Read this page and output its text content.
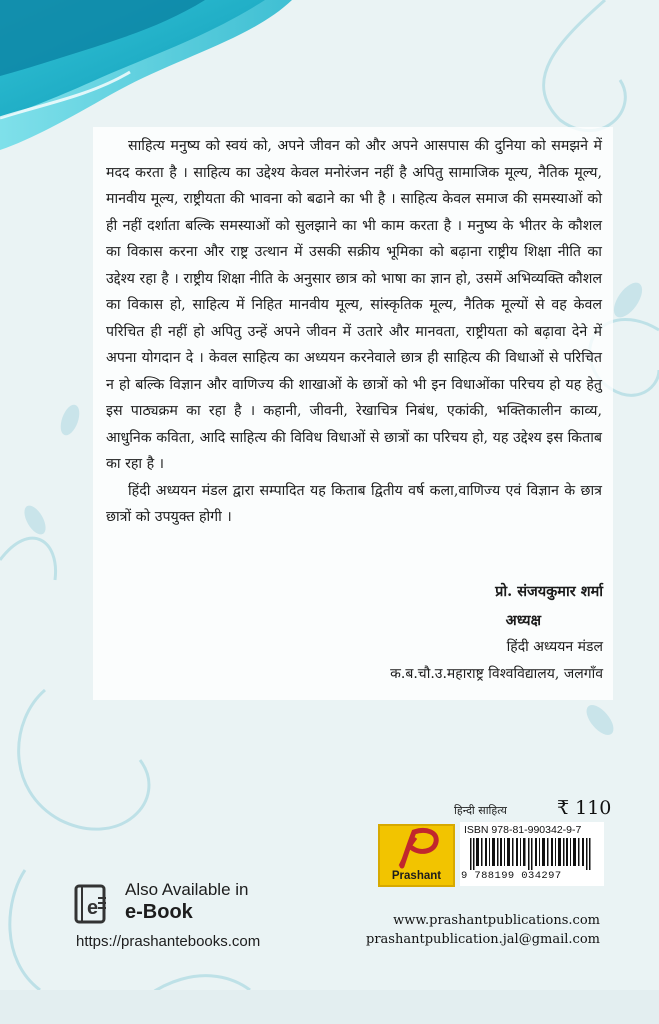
साहित्य मनुष्य को स्वयं को, अपने जीवन को और अपने आसपास की दुनिया को समझने में मदद करता है । साहित्य का उद्देश्य केवल मनोरंजन नहीं है अपितु सामाजिक मूल्य, नैतिक मूल्य, मानवीय मूल्य, राष्ट्रीयता की भावना को बढाने का भी है । साहित्य केवल समाज की समस्याओं को ही नहीं दर्शाता बल्कि समस्याओं को सुलझाने का भी काम करता है । मनुष्य के भीतर के कौशल का विकास करना और राष्ट्र उत्थान में उसकी सक्रीय भूमिका को बढ़ाना राष्ट्रीय शिक्षा नीति का उद्देश्य रहा है । राष्ट्रीय शिक्षा नीति के अनुसार छात्र को भाषा का ज्ञान हो, उसमें अभिव्यक्ति कौशल का विकास हो, साहित्य में निहित मानवीय मूल्य, सांस्कृतिक मूल्य, नैतिक मूल्यों से वह केवल परिचित ही नहीं हो अपितु उन्हें अपने जीवन में उतारे और मानवता, राष्ट्रीयता को बढ़ावा देने में अपना योगदान दे । केवल साहित्य का अध्ययन करनेवाले छात्र ही साहित्य की विधाओं से परिचित न हो बल्कि विज्ञान और वाणिज्य की शाखाओं के छात्रों को भी इन विधाओंका परिचय हो यह हेतु इस पाठ्यक्रम का रहा है । कहानी, जीवनी, रेखाचित्र निबंध, एकांकी, भक्तिकालीन काव्य, आधुनिक कविता, आदि साहित्य की विविध विधाओं से छात्रों का परिचय हो, यह उद्देश्य इस किताब का रहा है ।

हिंदी अध्ययन मंडल द्वारा सम्पादित यह किताब द्वितीय वर्ष कला,वाणिज्य एवं विज्ञान के छात्र छात्रों को उपयुक्त होगी ।

प्रो. संजयकुमार शर्मा
अध्यक्ष
हिंदी अध्ययन मंडल
क.ब.चौ.उ.महाराष्ट्र विश्वविद्यालय, जलगाँव
हिन्दी साहित्य	₹ 110
Prashant
ISBN 978-81-990342-9-7
9 788199 034297
www.prashantpublications.com
prashantpublication.jal@gmail.com
e
Also Available in
e-Book
https://prashantebooks.com
